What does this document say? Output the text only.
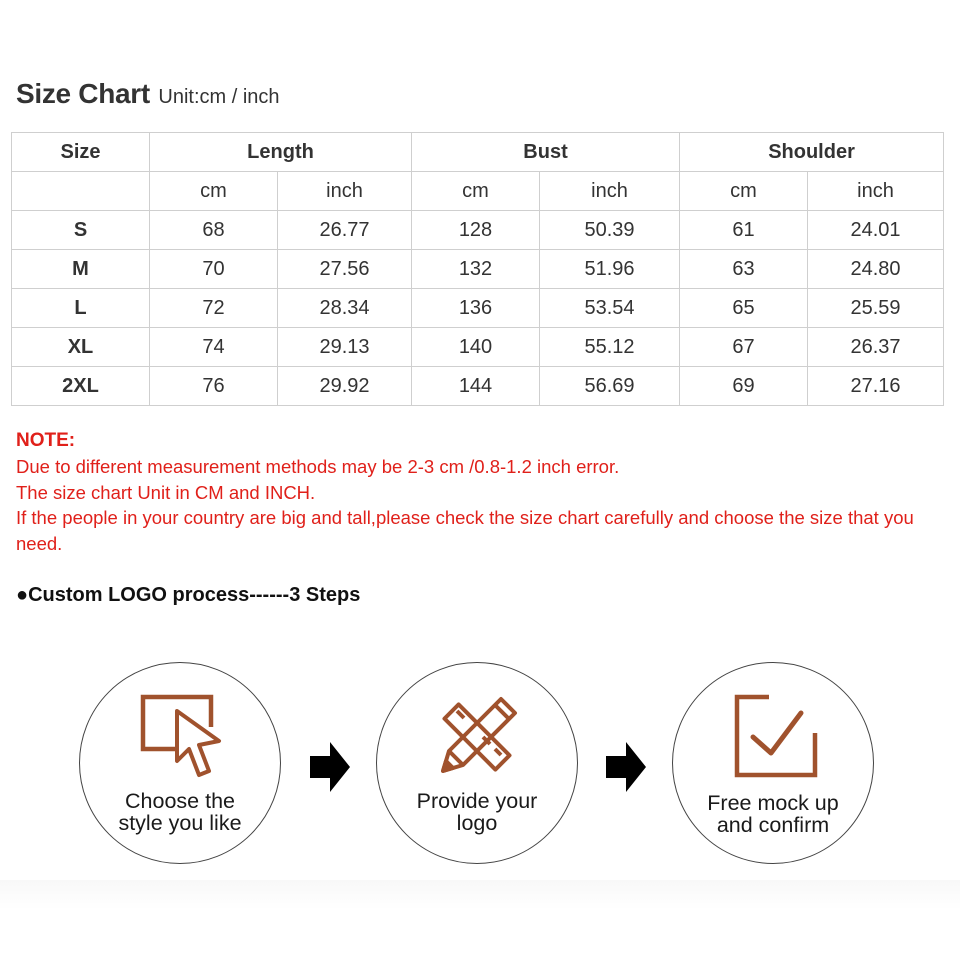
Size Chart Unit:cm / inch
Size	Length		Bust		Shoulder	
	cm	inch	cm	inch	cm	inch
S	68	26.77	128	50.39	61	24.01
M	70	27.56	132	51.96	63	24.80
L	72	28.34	136	53.54	65	25.59
XL	74	29.13	140	55.12	67	26.37
2XL	76	29.92	144	56.69	69	27.16
NOTE:
Due to different measurement methods may be 2-3 cm /0.8-1.2 inch error.
The size chart Unit in CM and INCH.
If the people in your country are big and tall,please check the size chart carefully and choose the size that you need.
●Custom LOGO process------3 Steps
Choose the
style you like
Provide your
logo
Free mock up
and confirm
